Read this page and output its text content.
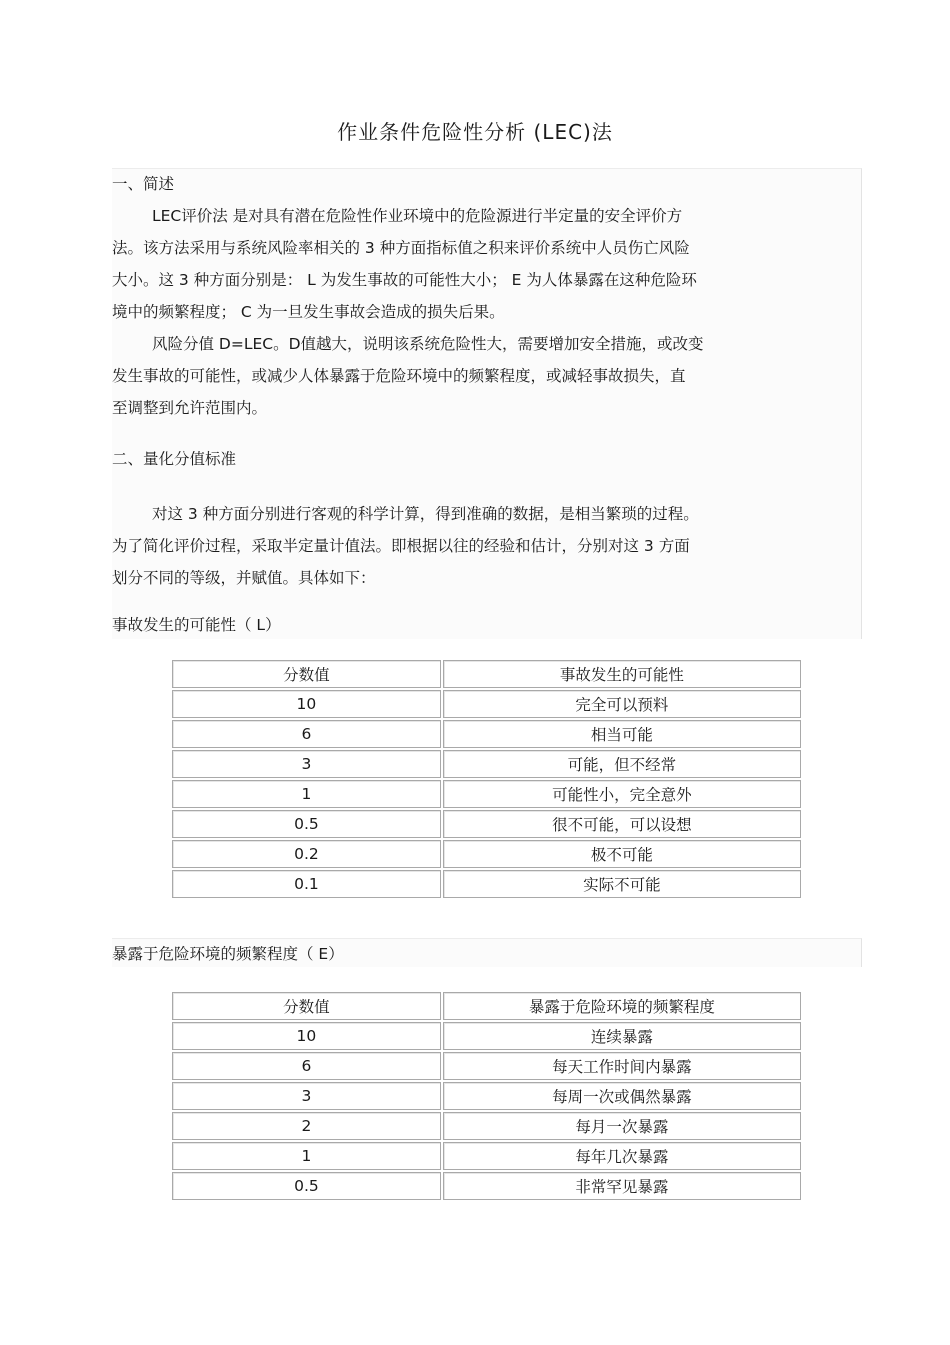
作业条件危险性分析 (LEC)法
一、简述
LEC评价法 是对具有潜在危险性作业环境中的危险源进行半定量的安全评价方
法。该方法采用与系统风险率相关的 3 种方面指标值之积来评价系统中人员伤亡风险
大小。这 3 种方面分别是： L 为发生事故的可能性大小； E 为人体暴露在这种危险环
境中的频繁程度； C 为一旦发生事故会造成的损失后果。
风险分值 D=LEC。D值越大，说明该系统危险性大，需要增加安全措施，或改变
发生事故的可能性，或减少人体暴露于危险环境中的频繁程度，或减轻事故损失，直
至调整到允许范围内。
二、量化分值标准
对这 3 种方面分别进行客观的科学计算，得到准确的数据，是相当繁琐的过程。
为了简化评价过程，采取半定量计值法。即根据以往的经验和估计，分别对这 3 方面
划分不同的等级，并赋值。具体如下：
事故发生的可能性（ L）
分数值	事故发生的可能性
10	完全可以预料
6	相当可能
3	可能，但不经常
1	可能性小，完全意外
0.5	很不可能，可以设想
0.2	极不可能
0.1	实际不可能
暴露于危险环境的频繁程度（ E）
分数值	暴露于危险环境的频繁程度
10	连续暴露
6	每天工作时间内暴露
3	每周一次或偶然暴露
2	每月一次暴露
1	每年几次暴露
0.5	非常罕见暴露
